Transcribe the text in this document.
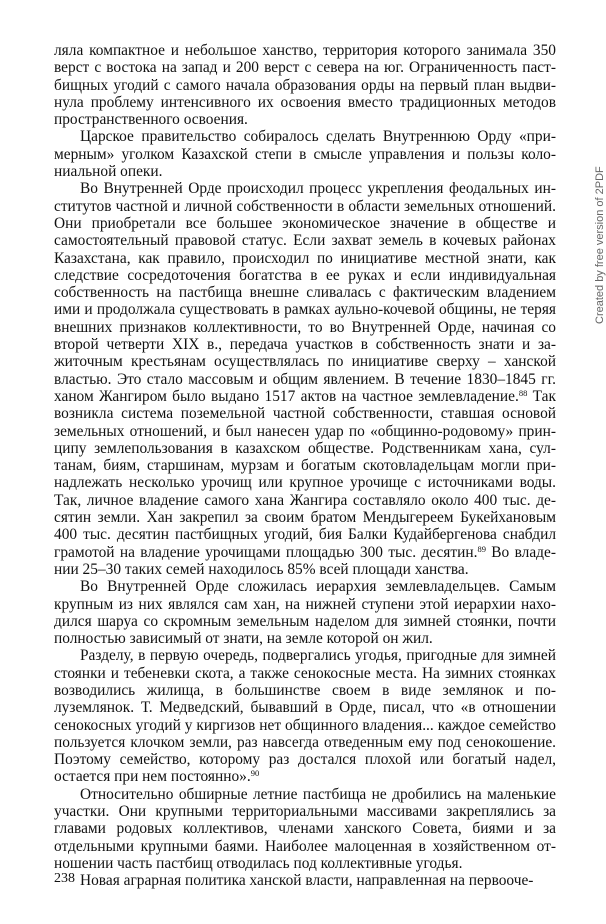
ляла компактное и небольшое ханство, территория которого занимала 350 верст с востока на запад и 200 верст с севера на юг. Ограниченность пастбищных угодий с самого начала образования орды на первый план выдвинула проблему интенсивного их освоения вместо традиционных методов пространственного освоения.

Царское правительство собиралось сделать Внутреннюю Орду «примерным» уголком Казахской степи в смысле управления и пользы колониальной опеки.

Во Внутренней Орде происходил процесс укрепления феодальных институтов частной и личной собственности в области земельных отношений. Они приобретали все большее экономическое значение в обществе и самостоятельный правовой статус. Если захват земель в кочевых районах Казахстана, как правило, происходил по инициативе местной знати, как следствие сосредоточения богатства в ее руках и если индивидуальная собственность на пастбища внешне сливалась с фактическим владением ими и продолжала существовать в рамках аульно-кочевой общины, не теряя внешних признаков коллективности, то во Внутренней Орде, начиная со второй четверти XIX в., передача участков в собственность знати и зажиточным крестьянам осуществлялась по инициативе сверху – ханской властью. Это стало массовым и общим явлением. В течение 1830–1845 гг. ханом Жангиром было выдано 1517 актов на частное землевладение.$^{88}$ Так возникла система поземельной частной собственности, ставшая основой земельных отношений, и был нанесен удар по «общинно-родовому» принципу землепользования в казахском обществе. Родственникам хана, султанам, биям, старшинам, мурзам и богатым скотовладельцам могли принадлежать несколько урочищ или крупное урочище с источниками воды. Так, личное владение самого хана Жангира составляло около 400 тыс. десятин земли. Хан закрепил за своим братом Мендыгереем Букейхановым 400 тыс. десятин пастбищных угодий, бия Балки Кудайбергенова снабдил грамотой на владение урочищами площадью 300 тыс. десятин.$^{89}$ Во владении 25–30 таких семей находилось 85% всей площади ханства.

Во Внутренней Орде сложилась иерархия землевладельцев. Самым крупным из них являлся сам хан, на нижней ступени этой иерархии находился шаруа со скромным земельным наделом для зимней стоянки, почти полностью зависимый от знати, на земле которой он жил.

Разделу, в первую очередь, подвергались угодья, пригодные для зимней стоянки и тебеневки скота, а также сенокосные места. На зимних стоянках возводились жилища, в большинстве своем в виде землянок и полуземлянок. Т. Медведский, бывавший в Орде, писал, что «в отношении сенокосных угодий у киргизов нет общинного владения... каждое семейство пользуется клочком земли, раз навсегда отведенным ему под сенокошение. Поэтому семейство, которому раз достался плохой или богатый надел, остается при нем постоянно».$^{90}$

Относительно обширные летние пастбища не дробились на маленькие участки. Они крупными территориальными массивами закреплялись за главами родовых коллективов, членами ханского Совета, биями и за отдельными крупными баями. Наиболее малоценная в хозяйственном отношении часть пастбищ отводилась под коллективные угодья.

Новая аграрная политика ханской власти, направленная на первооче-

238
Created by free version of 2PDF
